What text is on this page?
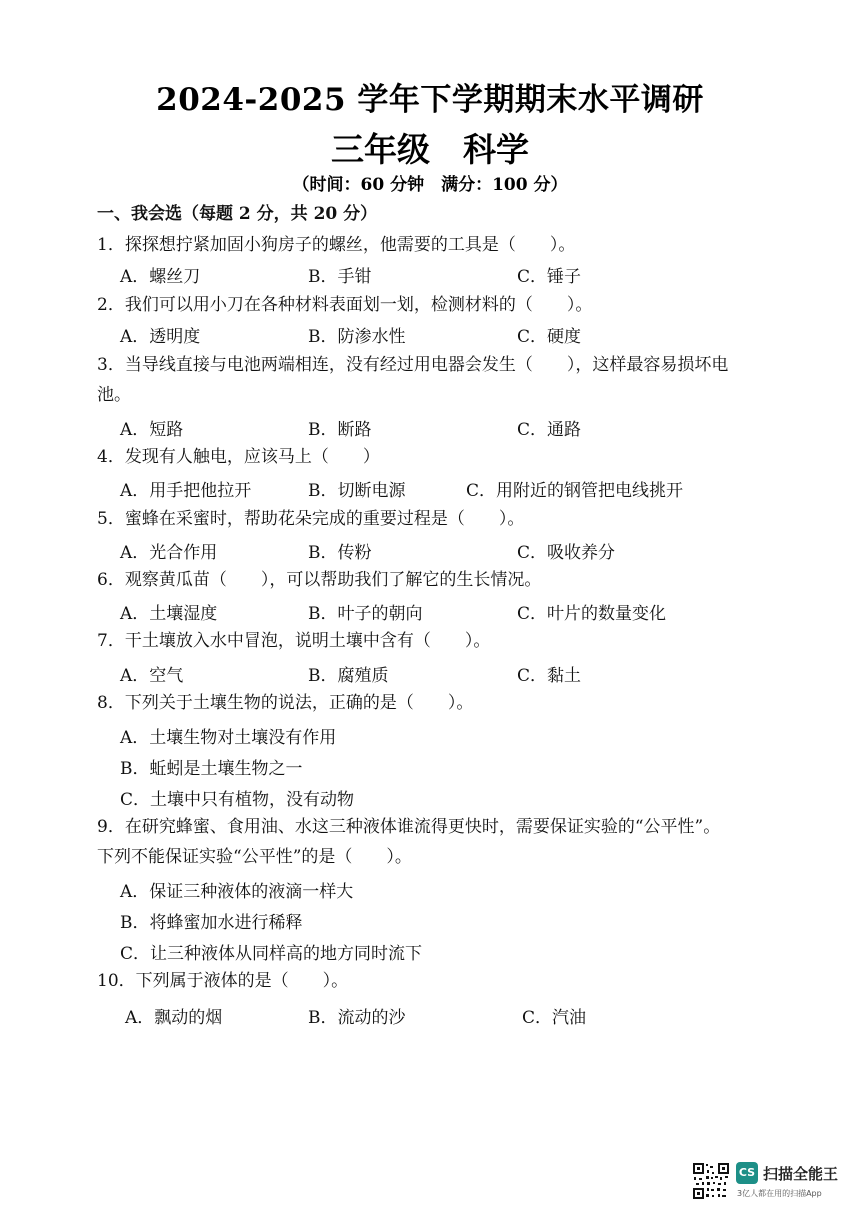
2024-2025 学年下学期期末水平调研
三年级　科学
（时间：60 分钟　满分：100 分）
一、我会选（每题 2 分，共 20 分）
1．探探想拧紧加固小狗房子的螺丝，他需要的工具是（　　）。
A．螺丝刀	B．手钳	C．锤子
2．我们可以用小刀在各种材料表面划一划，检测材料的（　　）。
A．透明度	B．防渗水性	C．硬度
3．当导线直接与电池两端相连，没有经过用电器会发生（　　），这样最容易损坏电
池。
A．短路	B．断路	C．通路
4．发现有人触电，应该马上（　　）
A．用手把他拉开	B．切断电源	C．用附近的钢管把电线挑开
5．蜜蜂在采蜜时，帮助花朵完成的重要过程是（　　）。
A．光合作用	B．传粉	C．吸收养分
6．观察黄瓜苗（　　），可以帮助我们了解它的生长情况。
A．土壤湿度	B．叶子的朝向	C．叶片的数量变化
7．干土壤放入水中冒泡，说明土壤中含有（　　）。
A．空气	B．腐殖质	C．黏土
8．下列关于土壤生物的说法，正确的是（　　）。
A．土壤生物对土壤没有作用
B．蚯蚓是土壤生物之一
C．土壤中只有植物，没有动物
9．在研究蜂蜜、食用油、水这三种液体谁流得更快时，需要保证实验的“公平性”。
下列不能保证实验“公平性”的是（　　）。
A．保证三种液体的液滴一样大
B．将蜂蜜加水进行稀释
C．让三种液体从同样高的地方同时流下
10．下列属于液体的是（　　）。
A．飘动的烟	B．流动的沙	C．汽油
CS 扫描全能王
3亿人都在用的扫描App
